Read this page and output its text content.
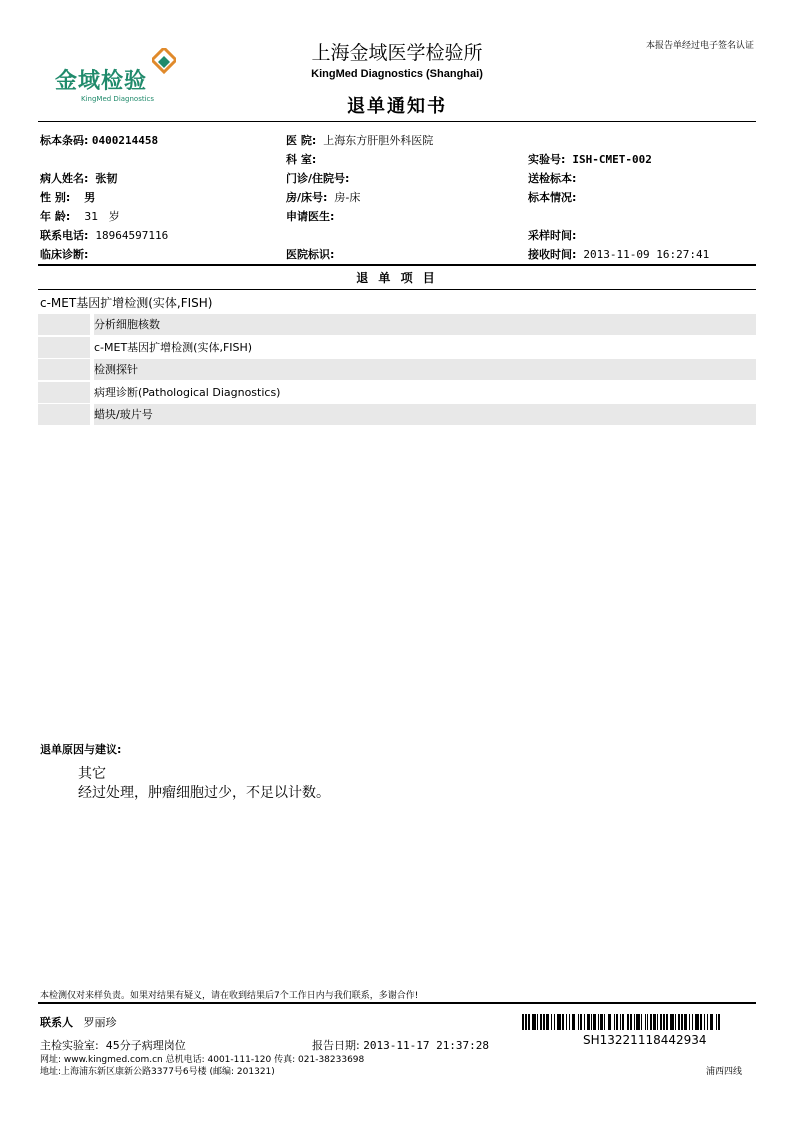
金域检验
KingMed Diagnostics
上海金域医学检验所
KingMed Diagnostics (Shanghai)
退单通知书
本报告单经过电子签名认证
标本条码: 0400214458	医 院: 上海东方肝胆外科医院
科 室:	实验号: ISH-CMET-002
病人姓名: 张韧	门诊/住院号:	送检标本:
性 别: 男	房/床号: 房-床	标本情况:
年 龄: 31 岁	申请医生:
联系电话: 18964597116	采样时间:
临床诊断:	医院标识:	接收时间: 2013-11-09 16:27:41
退 单 项 目
c-MET基因扩增检测(实体,FISH)
分析细胞核数
c-MET基因扩增检测(实体,FISH)
检测探针
病理诊断(Pathological Diagnostics)
蜡块/玻片号
退单原因与建议:
其它
经过处理，肿瘤细胞过少，不足以计数。
本检测仅对来样负责。如果对结果有疑义，请在收到结果后7个工作日内与我们联系，多谢合作!
联系人 罗丽珍
SH13221118442934
主检实验室: 45分子病理岗位	报告日期: 2013-11-17 21:37:28
网址: www.kingmed.com.cn 总机电话: 4001-111-120 传真: 021-38233698
地址:上海浦东新区康新公路3377号6号楼 (邮编: 201321)	浦西四线
